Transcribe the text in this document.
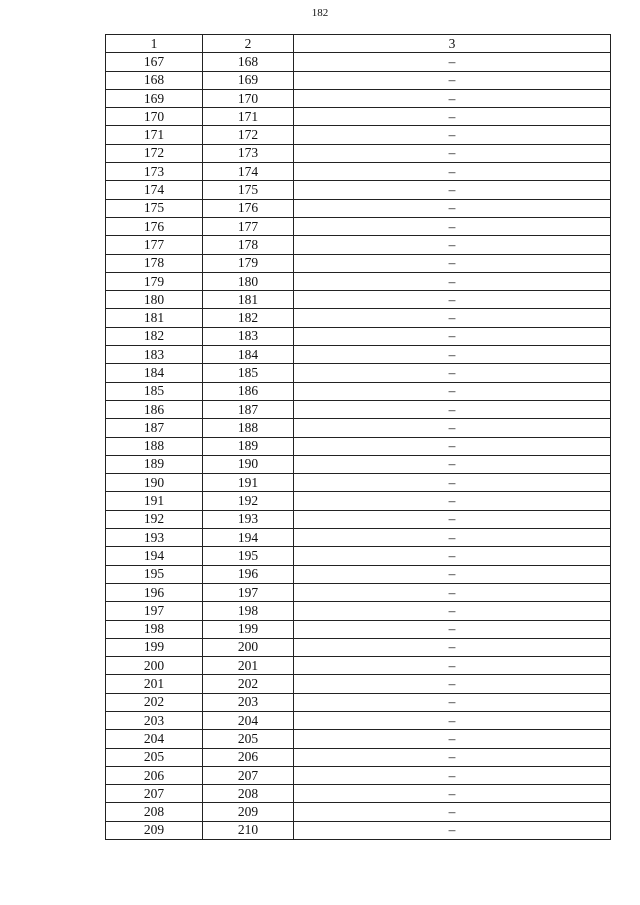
182
1	2	3
167	168	–
168	169	–
169	170	–
170	171	–
171	172	–
172	173	–
173	174	–
174	175	–
175	176	–
176	177	–
177	178	–
178	179	–
179	180	–
180	181	–
181	182	–
182	183	–
183	184	–
184	185	–
185	186	–
186	187	–
187	188	–
188	189	–
189	190	–
190	191	–
191	192	–
192	193	–
193	194	–
194	195	–
195	196	–
196	197	–
197	198	–
198	199	–
199	200	–
200	201	–
201	202	–
202	203	–
203	204	–
204	205	–
205	206	–
206	207	–
207	208	–
208	209	–
209	210	–
